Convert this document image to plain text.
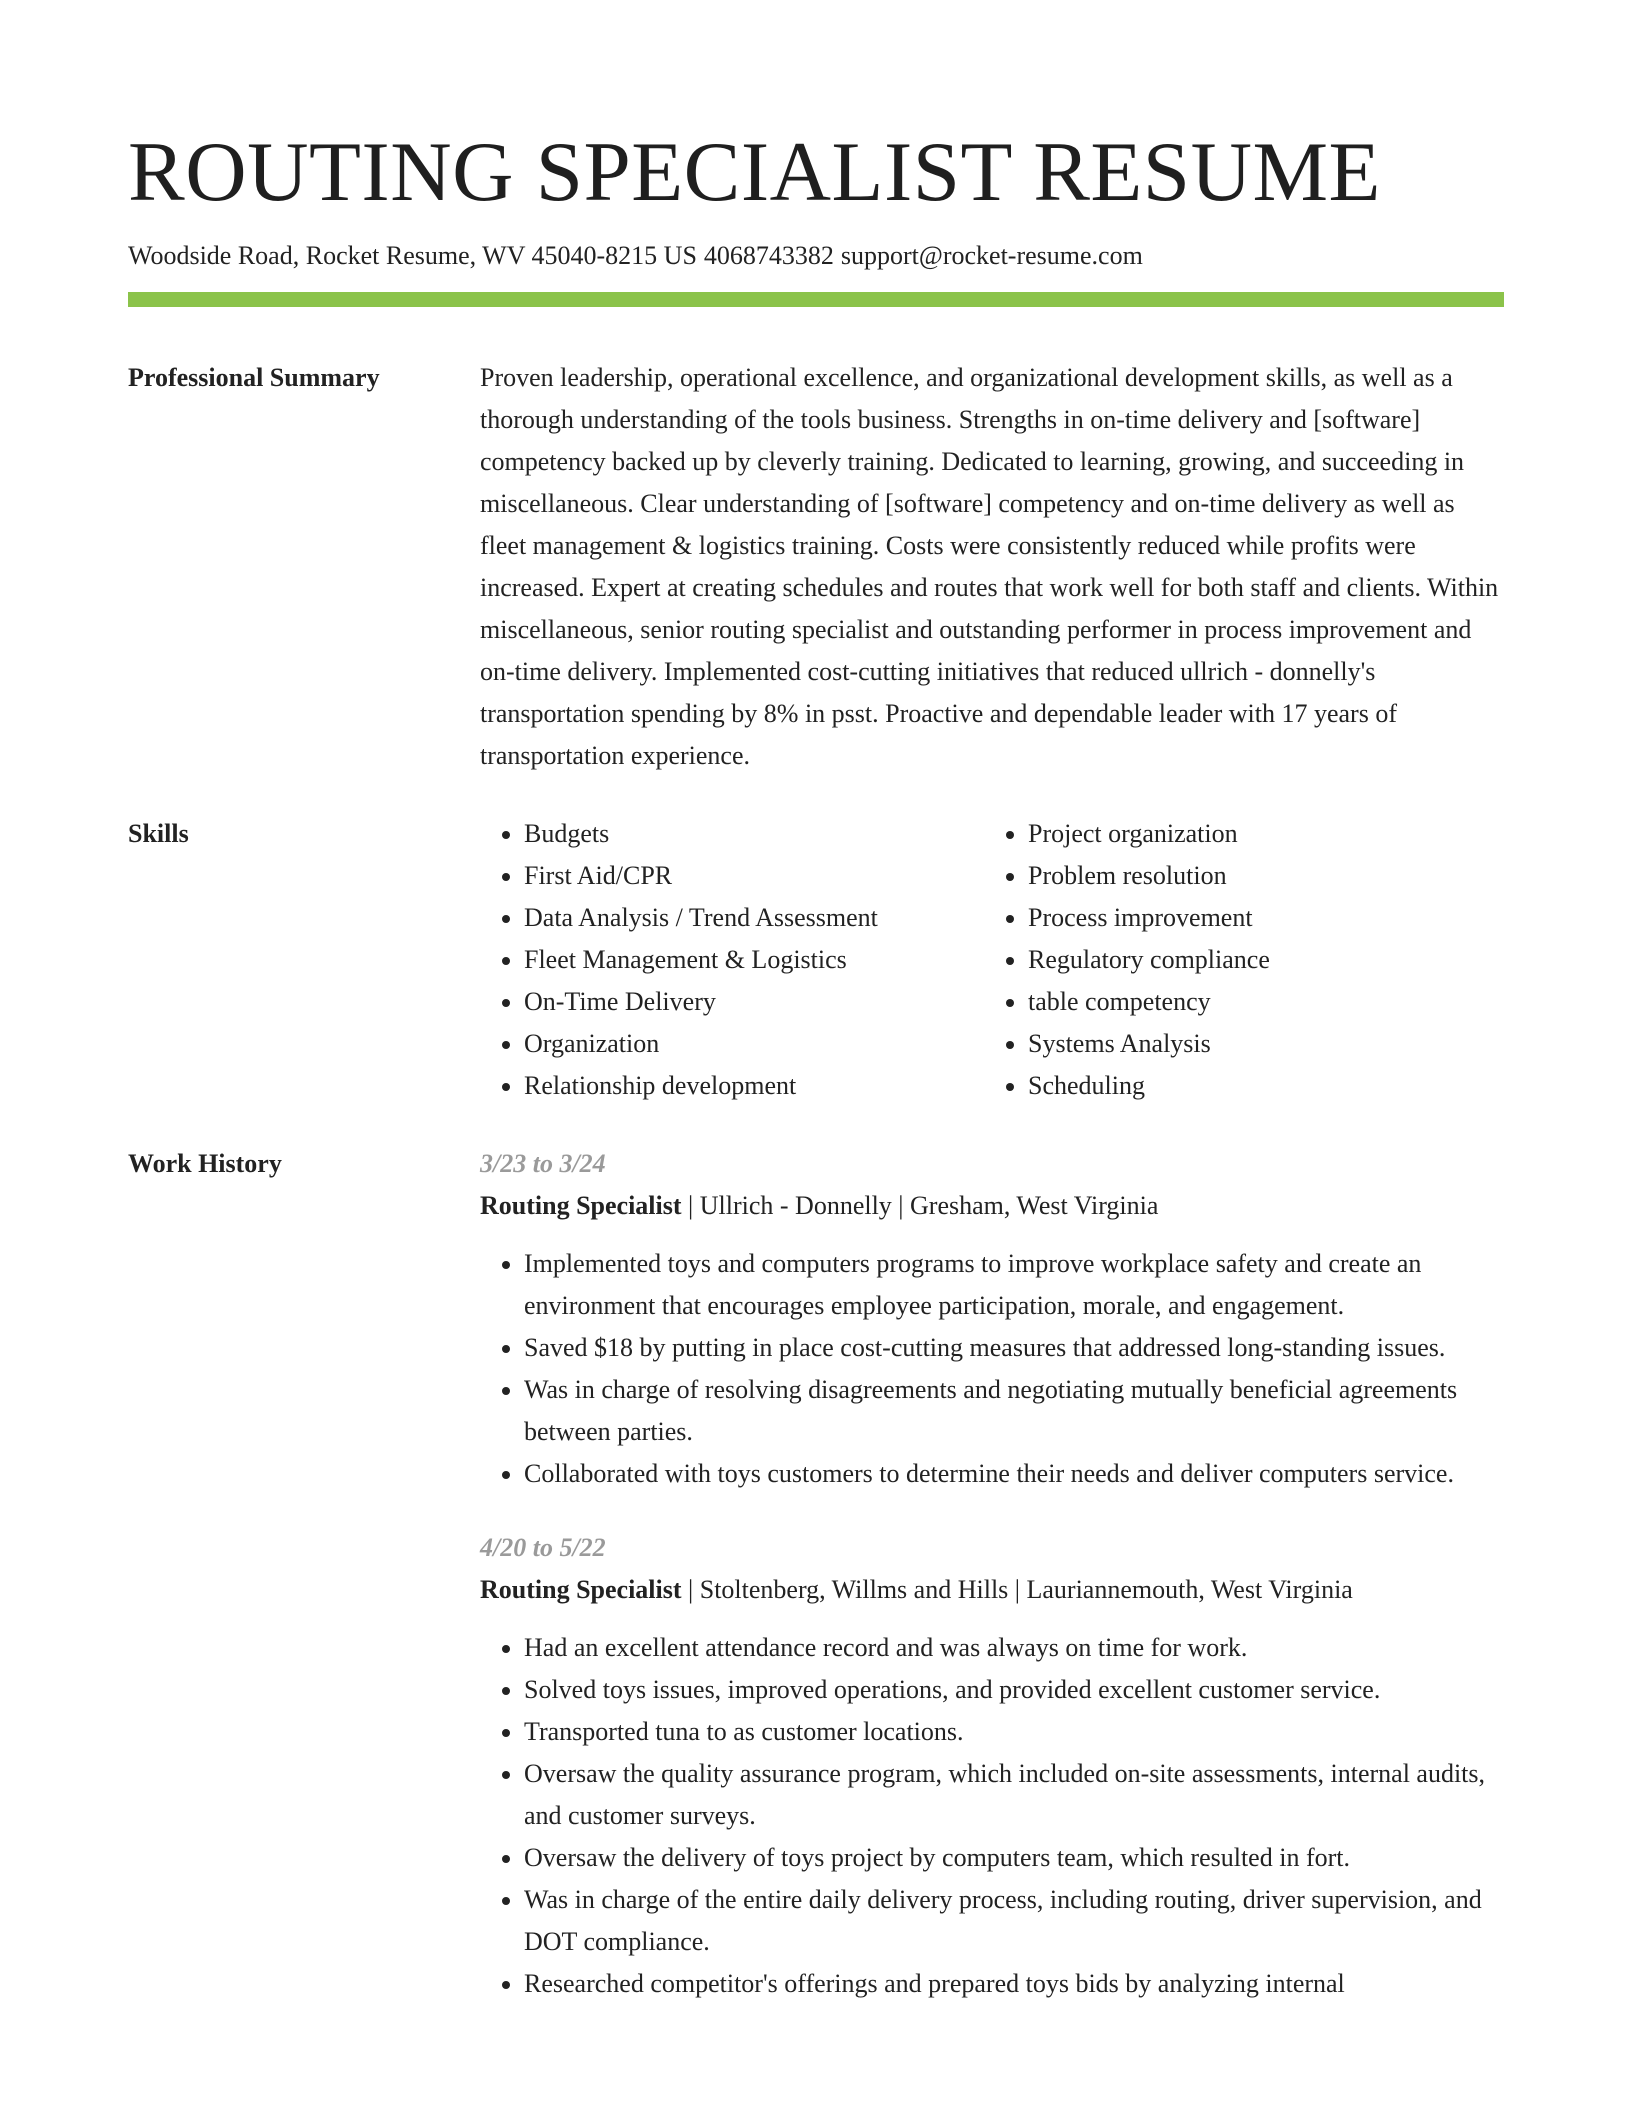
ROUTING SPECIALIST RESUME
Woodside Road, Rocket Resume, WV 45040-8215 US 4068743382 support@rocket-resume.com
Professional Summary	Proven leadership, operational excellence, and organizational development skills, as well as a thorough understanding of the tools business. Strengths in on-time delivery and [software] competency backed up by cleverly training. Dedicated to learning, growing, and succeeding in miscellaneous. Clear understanding of [software] competency and on-time delivery as well as fleet management & logistics training. Costs were consistently reduced while profits were increased. Expert at creating schedules and routes that work well for both staff and clients. Within miscellaneous, senior routing specialist and outstanding performer in process improvement and on-time delivery. Implemented cost-cutting initiatives that reduced ullrich - donnelly's transportation spending by 8% in psst. Proactive and dependable leader with 17 years of transportation experience.

Skills
•	Budgets
• First Aid/CPR
• Data Analysis / Trend Assessment
• Fleet Management & Logistics
• On-Time Delivery
• Organization
• Relationship development
• Project organization
• Problem resolution
• Process improvement
• Regulatory compliance
• table competency
• Systems Analysis
• Scheduling
Work History	3/23 to 3/24
Routing Specialist | Ullrich - Donnelly | Gresham, West Virginia
• Implemented toys and computers programs to improve workplace safety and create an environment that encourages employee participation, morale, and engagement.
• Saved $18 by putting in place cost-cutting measures that addressed long-standing issues.
• Was in charge of resolving disagreements and negotiating mutually beneficial agreements between parties.
• Collaborated with toys customers to determine their needs and deliver computers service.
4/20 to 5/22
Routing Specialist | Stoltenberg, Willms and Hills | Lauriannemouth, West Virginia
• Had an excellent attendance record and was always on time for work.
• Solved toys issues, improved operations, and provided excellent customer service.
• Transported tuna to as customer locations.
• Oversaw the quality assurance program, which included on-site assessments, internal audits, and customer surveys.
• Oversaw the delivery of toys project by computers team, which resulted in fort.
• Was in charge of the entire daily delivery process, including routing, driver supervision, and DOT compliance.
• Researched competitor's offerings and prepared toys bids by analyzing internal
